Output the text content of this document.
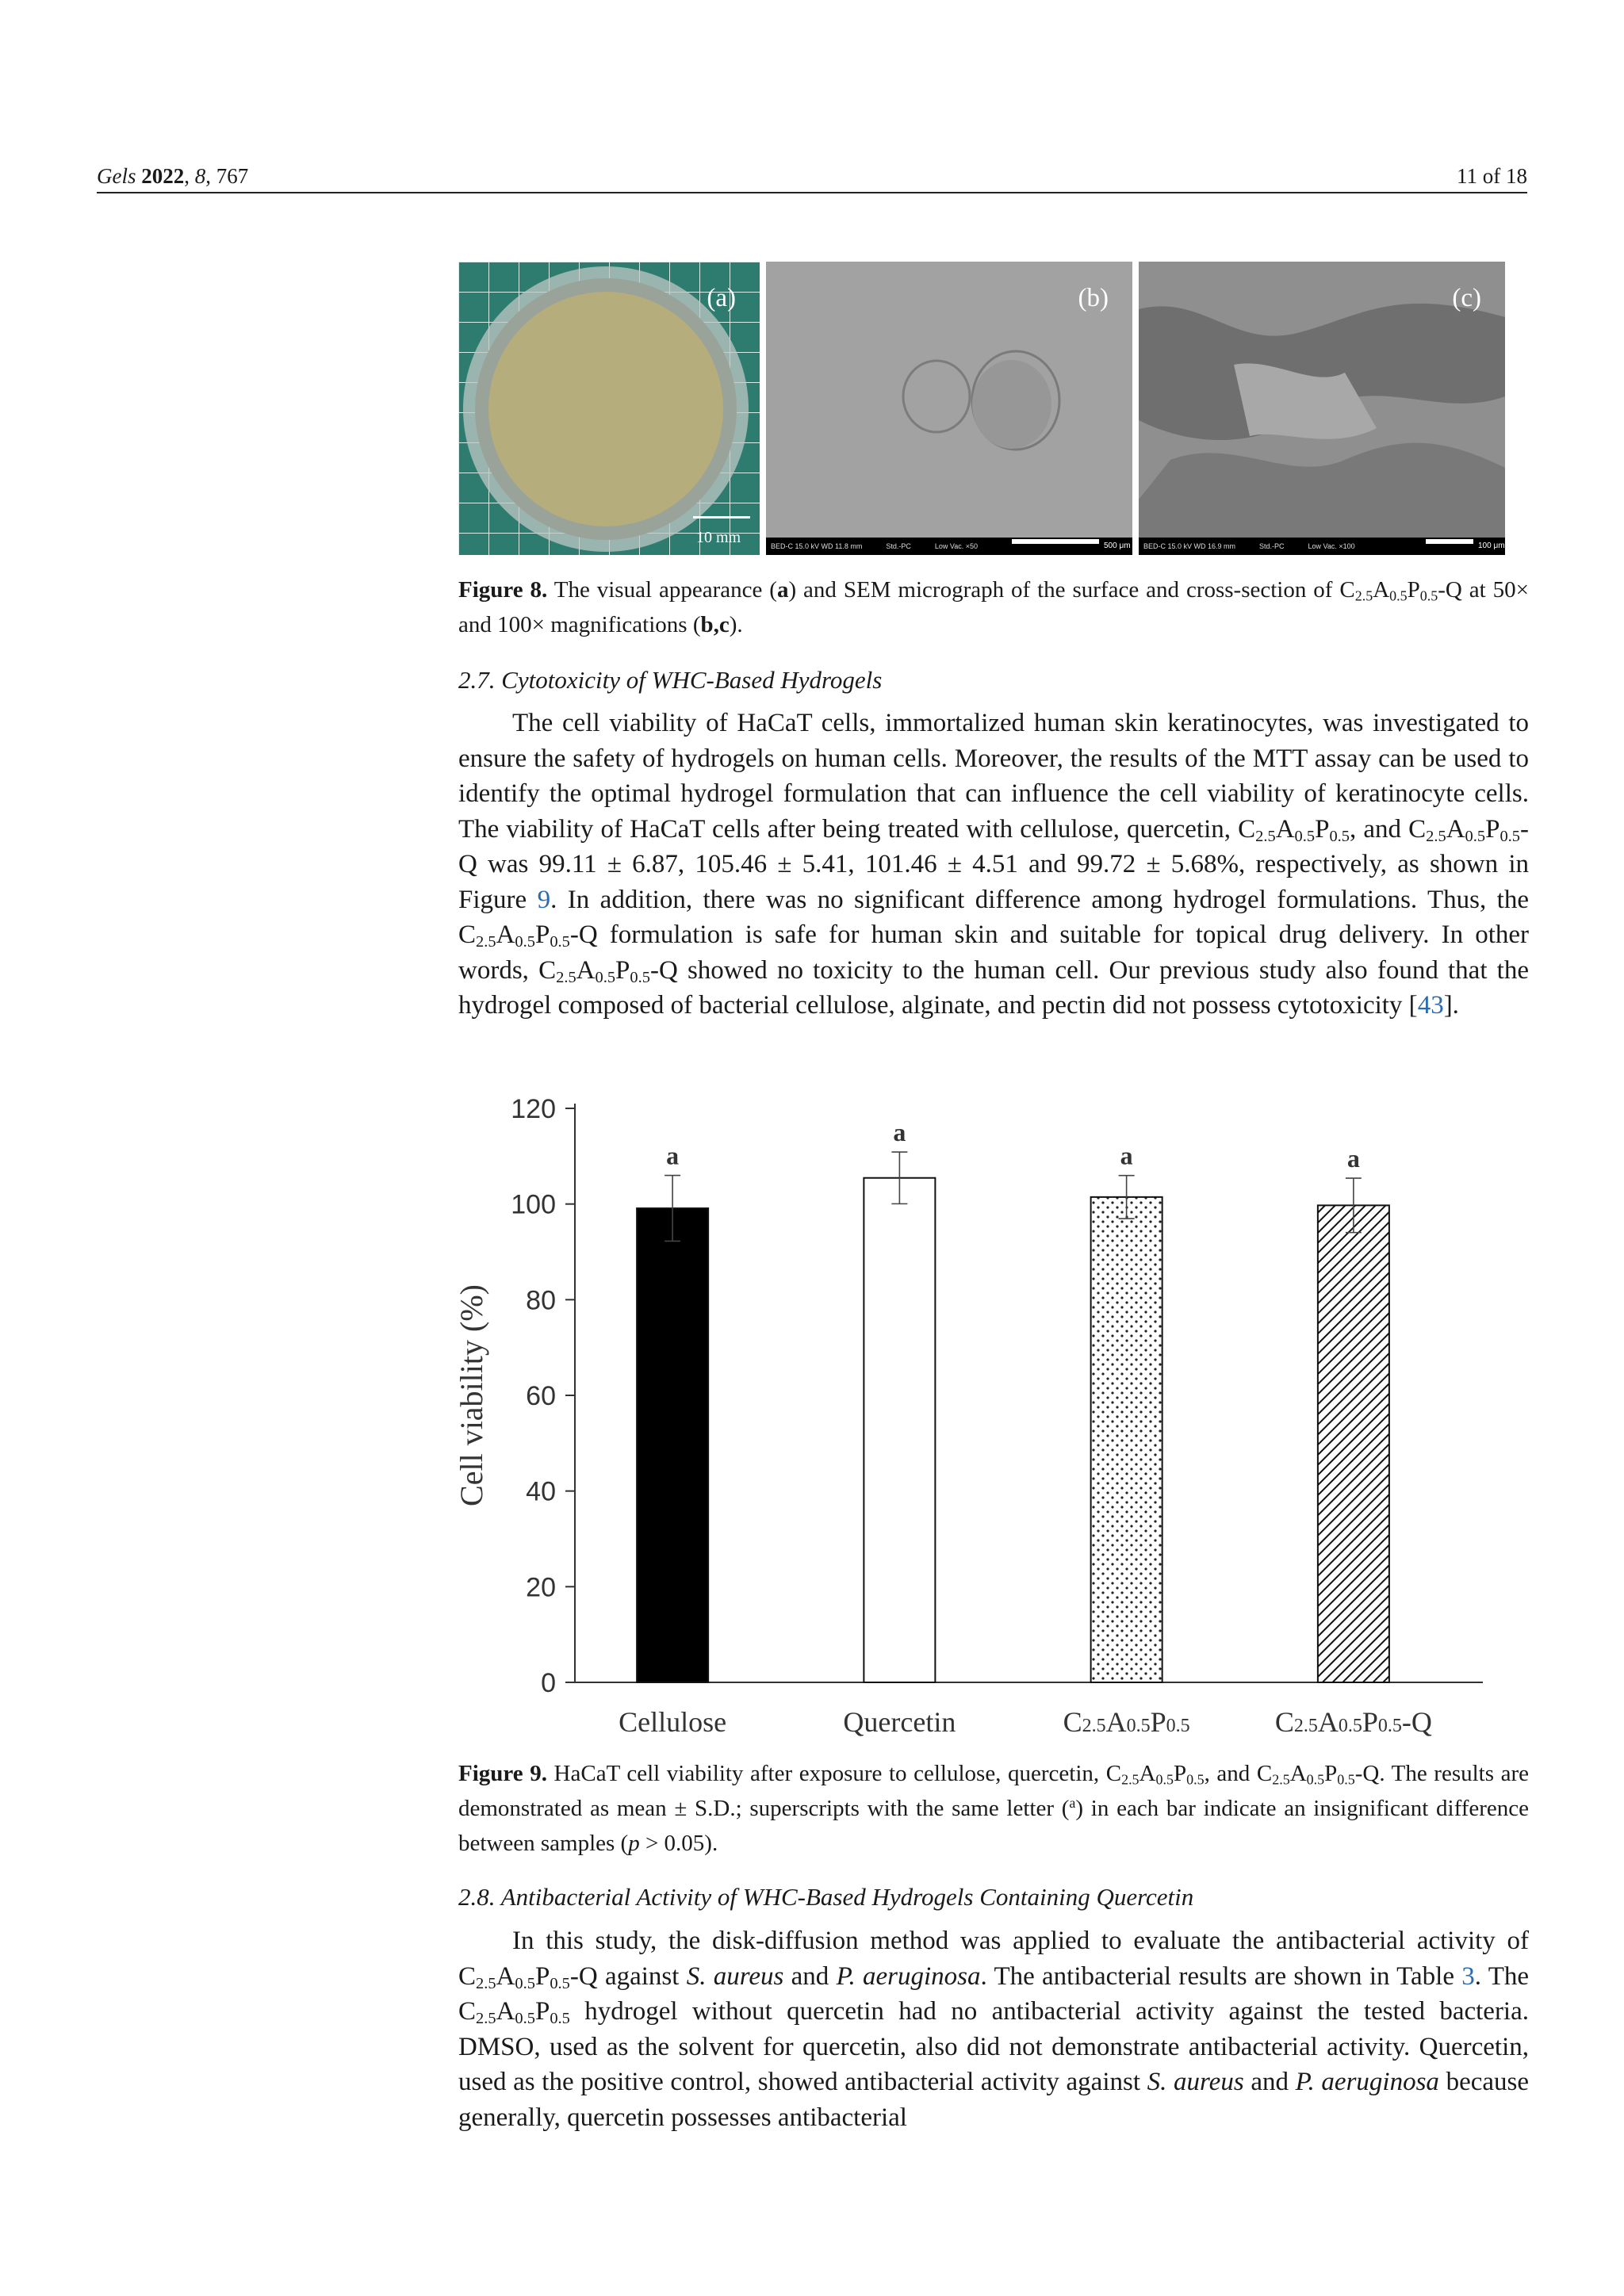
Gels 2022, 8, 767	11 of 18
(a)
10 mm
(b)
BED-C 15.0 kV WD 11.8 mm	Std.-PC	Low Vac. ×50	500 μm
(c)
BED-C 15.0 kV WD 16.9 mm	Std.-PC	Low Vac. ×100	100 μm
Figure 8. The visual appearance (a) and SEM micrograph of the surface and cross-section of $C_{2.5}A_{0.5}P_{0.5}-Q$ at 50× and 100× magnifications (b,c).
2.7. Cytotoxicity of WHC-Based Hydrogels

The cell viability of HaCaT cells, immortalized human skin keratinocytes, was investigated to ensure the safety of hydrogels on human cells. Moreover, the results of the MTT assay can be used to identify the optimal hydrogel formulation that can influence the cell viability of keratinocyte cells. The viability of HaCaT cells after being treated with cellulose, quercetin, $C_{2.5}A_{0.5}P_{0.5}$, and $C_{2.5}A_{0.5}P_{0.5}-Q$ was 99.11 ± 6.87, 105.46 ± 5.41, 101.46 ± 4.51 and 99.72 ± 5.68%, respectively, as shown in Figure 9. In addition, there was no significant difference among hydrogel formulations. Thus, the $C_{2.5}A_{0.5}P_{0.5}-Q$ formulation is safe for human skin and suitable for topical drug delivery. In other words, $C_{2.5}A_{0.5}P_{0.5}-Q$ showed no toxicity to the human cell. Our previous study also found that the hydrogel composed of bacterial cellulose, alginate, and pectin did not possess cytotoxicity [43].

0
20
40
60
80
100
120
Cell viability (%)
a
Cellulose
a
Quercetin
a
C2.5A0.5P0.5
a
C2.5A0.5P0.5-Q
Figure 9. HaCaT cell viability after exposure to cellulose, quercetin, $C_{2.5}A_{0.5}P_{0.5}$, and $C_{2.5}A_{0.5}P_{0.5}-Q$. The results are demonstrated as mean ± S.D.; superscripts with the same letter ($^a$) in each bar indicate an insignificant difference between samples (p > 0.05).
2.8. Antibacterial Activity of WHC-Based Hydrogels Containing Quercetin

In this study, the disk-diffusion method was applied to evaluate the antibacterial activity of $C_{2.5}A_{0.5}P_{0.5}-Q$ against S. aureus and P. aeruginosa. The antibacterial results are shown in Table 3. The $C_{2.5}A_{0.5}P_{0.5}$ hydrogel without quercetin had no antibacterial activity against the tested bacteria. DMSO, used as the solvent for quercetin, also did not demonstrate antibacterial activity. Quercetin, used as the positive control, showed antibacterial activity against S. aureus and P. aeruginosa because generally, quercetin possesses antibacterial
